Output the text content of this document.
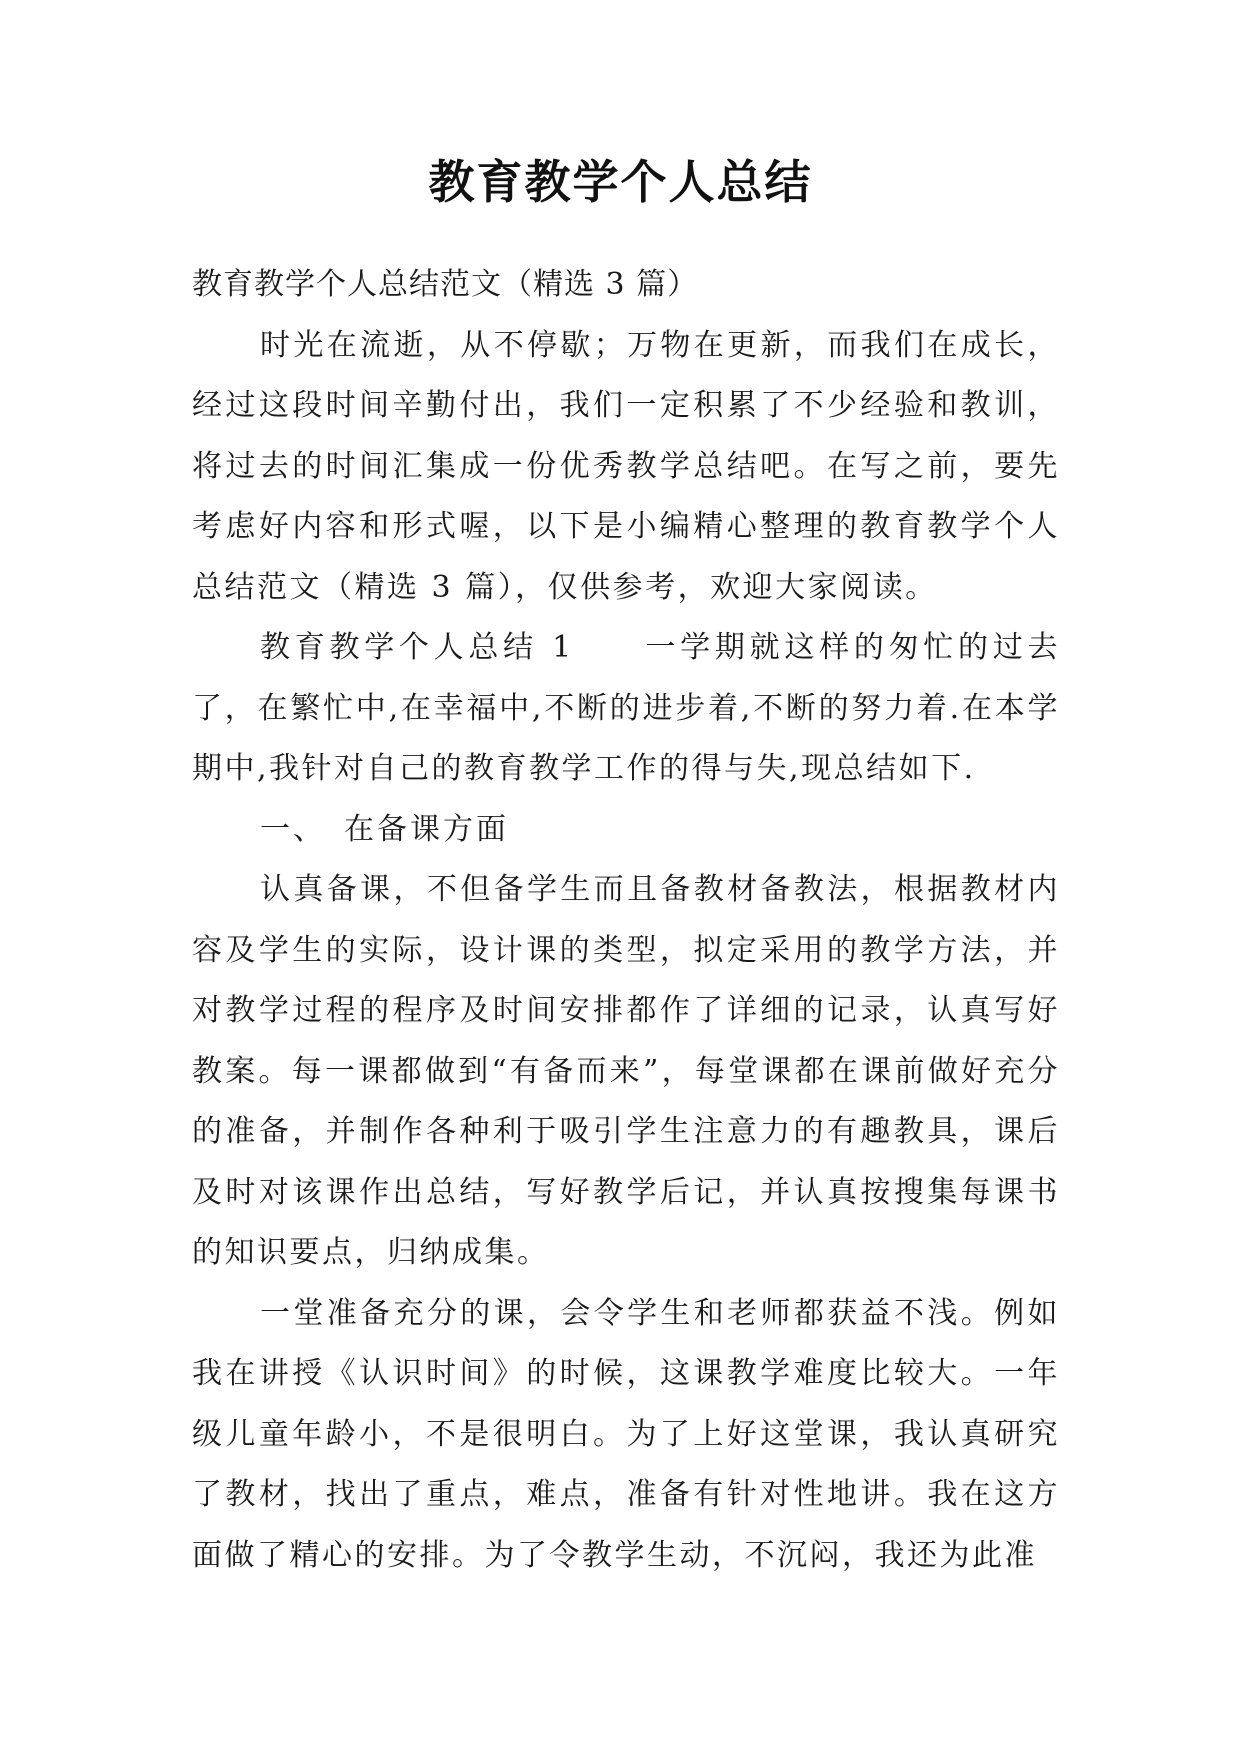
教育教学个人总结

教育教学个人总结范文（精选 3 篇）

时光在流逝，从不停歇；万物在更新，而我们在成长，经过这段时间辛勤付出，我们一定积累了不少经验和教训，将过去的时间汇集成一份优秀教学总结吧。在写之前，要先考虑好内容和形式喔，以下是小编精心整理的教育教学个人总结范文（精选 3 篇），仅供参考，欢迎大家阅读。

教育教学个人总结 1　　一学期就这样的匆忙的过去了，在繁忙中,在幸福中,不断的进步着,不断的努力着.在本学期中,我针对自己的教育教学工作的得与失,现总结如下.

一、　在备课方面

认真备课，不但备学生而且备教材备教法，根据教材内容及学生的实际，设计课的类型，拟定采用的教学方法，并对教学过程的程序及时间安排都作了详细的记录，认真写好教案。每一课都做到“有备而来”，每堂课都在课前做好充分的准备，并制作各种利于吸引学生注意力的有趣教具，课后及时对该课作出总结，写好教学后记，并认真按搜集每课书的知识要点，归纳成集。

一堂准备充分的课，会令学生和老师都获益不浅。例如我在讲授《认识时间》的时候，这课教学难度比较大。一年级儿童年龄小，不是很明白。为了上好这堂课，我认真研究了教材，找出了重点，难点，准备有针对性地讲。我在这方面做了精心的安排。为了令教学生动，不沉闷，我还为此准
